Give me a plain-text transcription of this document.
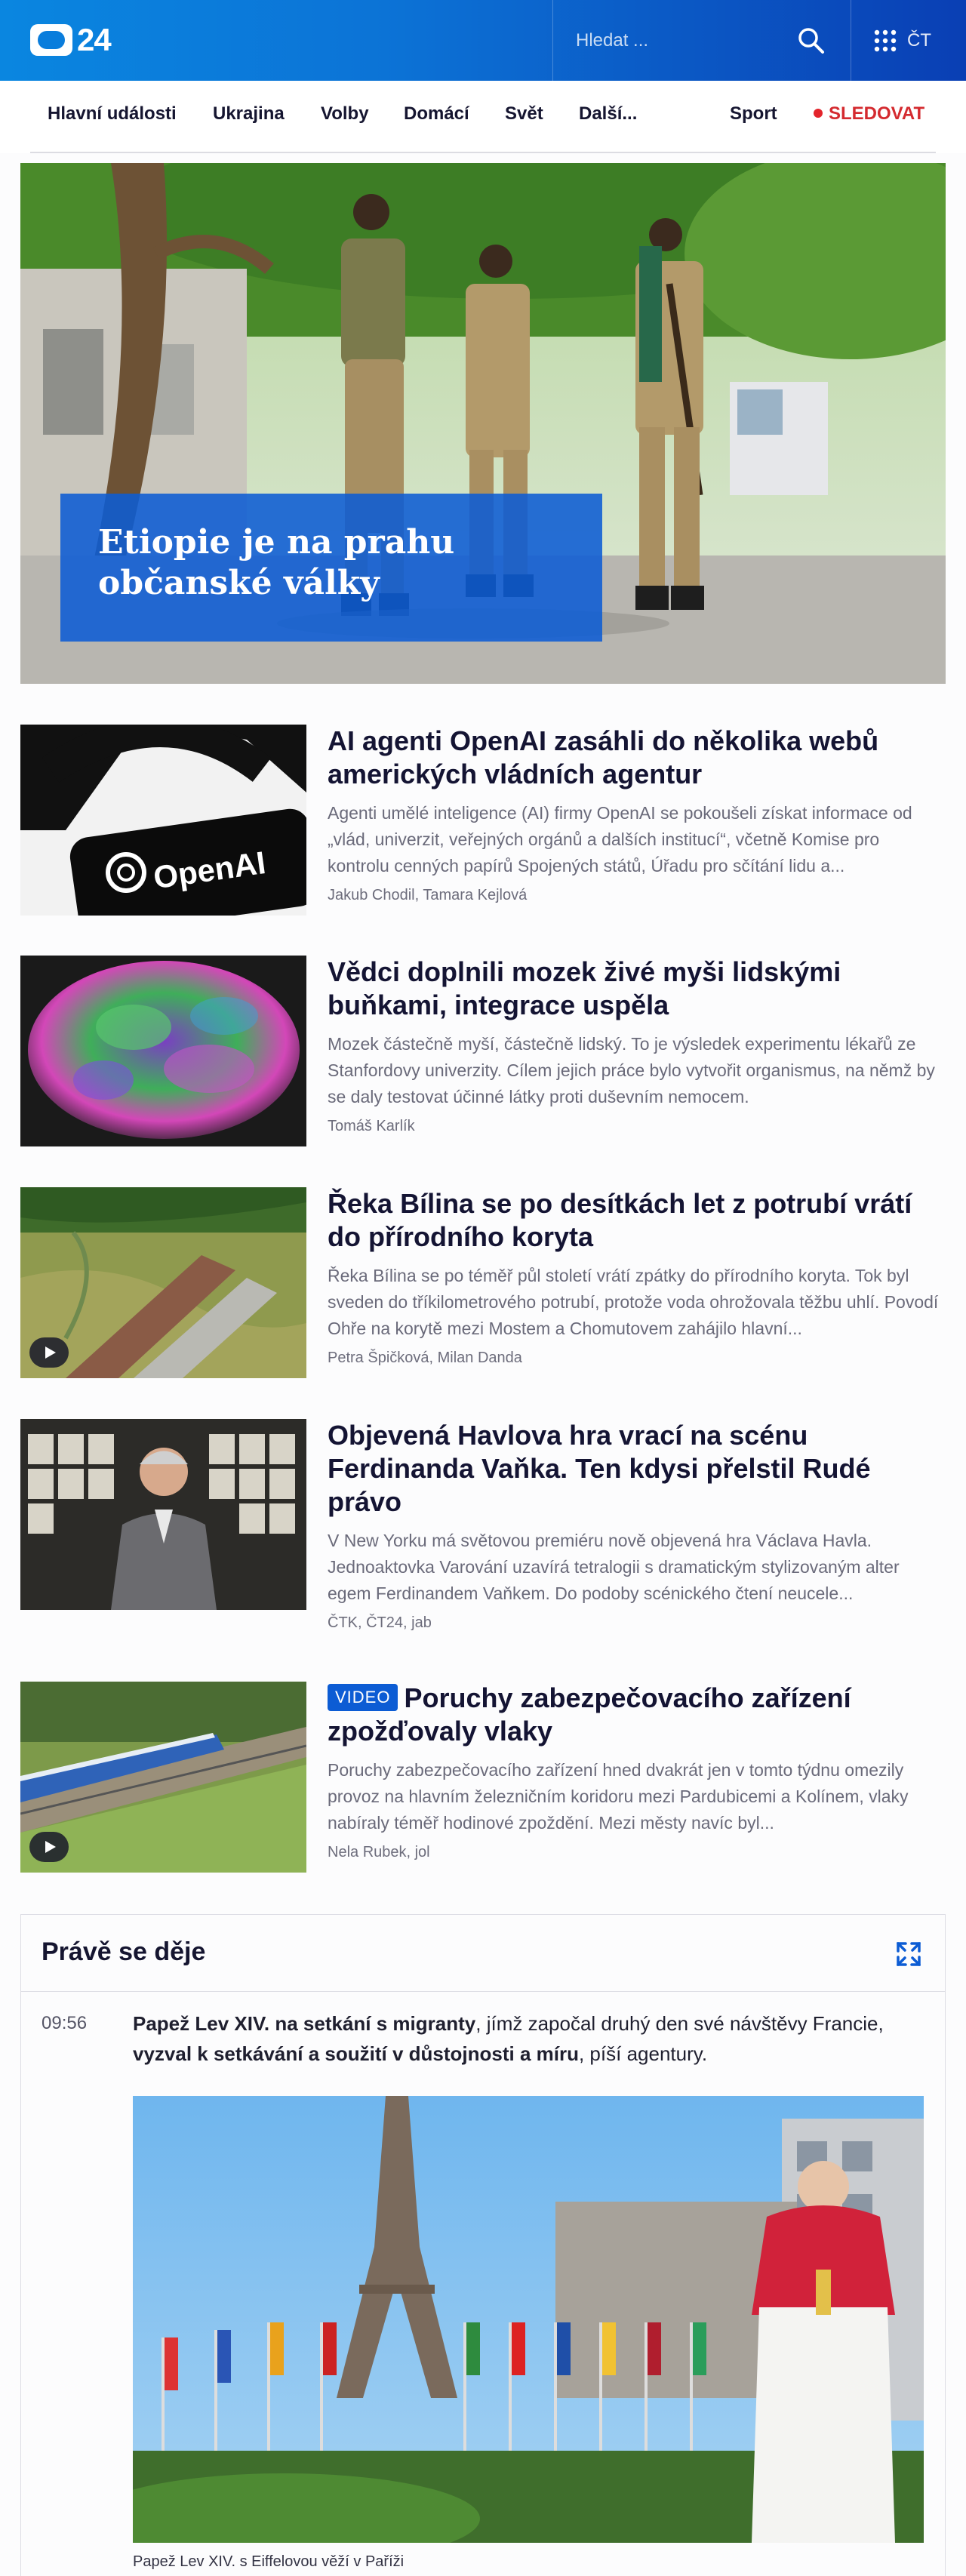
24
Hledat ...	ČT
Hlavní události Ukrajina Volby Domácí Svět Další...	Sport	SLEDOVAT
Etiopie je na prahu
občanské války
OpenAI
AI agenti OpenAI zasáhli do několika webů amerických vládních agentur
Agenti umělé inteligence (AI) firmy OpenAI se pokoušeli získat informace od „vlád, univerzit, veřejných orgánů a dalších institucí“, včetně Komise pro kontrolu cenných papírů Spojených států, Úřadu pro sčítání lidu a...
Jakub Chodil, Tamara Kejlová
Vědci doplnili mozek živé myši lidskými buňkami, integrace uspěla
Mozek částečně myší, částečně lidský. To je výsledek experimentu lékařů ze Stanfordovy univerzity. Cílem jejich práce bylo vytvořit organismus, na němž by se daly testovat účinné látky proti duševním nemocem.
Tomáš Karlík
Řeka Bílina se po desítkách let z potrubí vrátí do přírodního koryta
Řeka Bílina se po téměř půl století vrátí zpátky do přírodního koryta. Tok byl sveden do tříkilometrového potrubí, protože voda ohrožovala těžbu uhlí. Povodí Ohře na korytě mezi Mostem a Chomutovem zahájilo hlavní...
Petra Špičková, Milan Danda
Objevená Havlova hra vrací na scénu Ferdinanda Vaňka. Ten kdysi přelstil Rudé právo
V New Yorku má světovou premiéru nově objevená hra Václava Havla. Jednoaktovka Varování uzavírá tetralogii s dramatickým stylizovaným alter egem Ferdinandem Vaňkem. Do podoby scénického čtení neucele...
ČTK, ČT24, jab
VIDEO Poruchy zabezpečovacího zařízení zpožďovaly vlaky
Poruchy zabezpečovacího zařízení hned dvakrát jen v tomto týdnu omezily provoz na hlavním železničním koridoru mezi Pardubicemi a Kolínem, vlaky nabíraly téměř hodinové zpoždění. Mezi městy navíc byl...
Nela Rubek, jol
Právě se děje
09:56 Papež Lev XIV. na setkání s migranty, jímž započal druhý den své návštěvy Francie, vyzval k setkávání a soužití v důstojnosti a míru, píší agentury.
Papež Lev XIV. s Eiffelovou věží v Paříži
